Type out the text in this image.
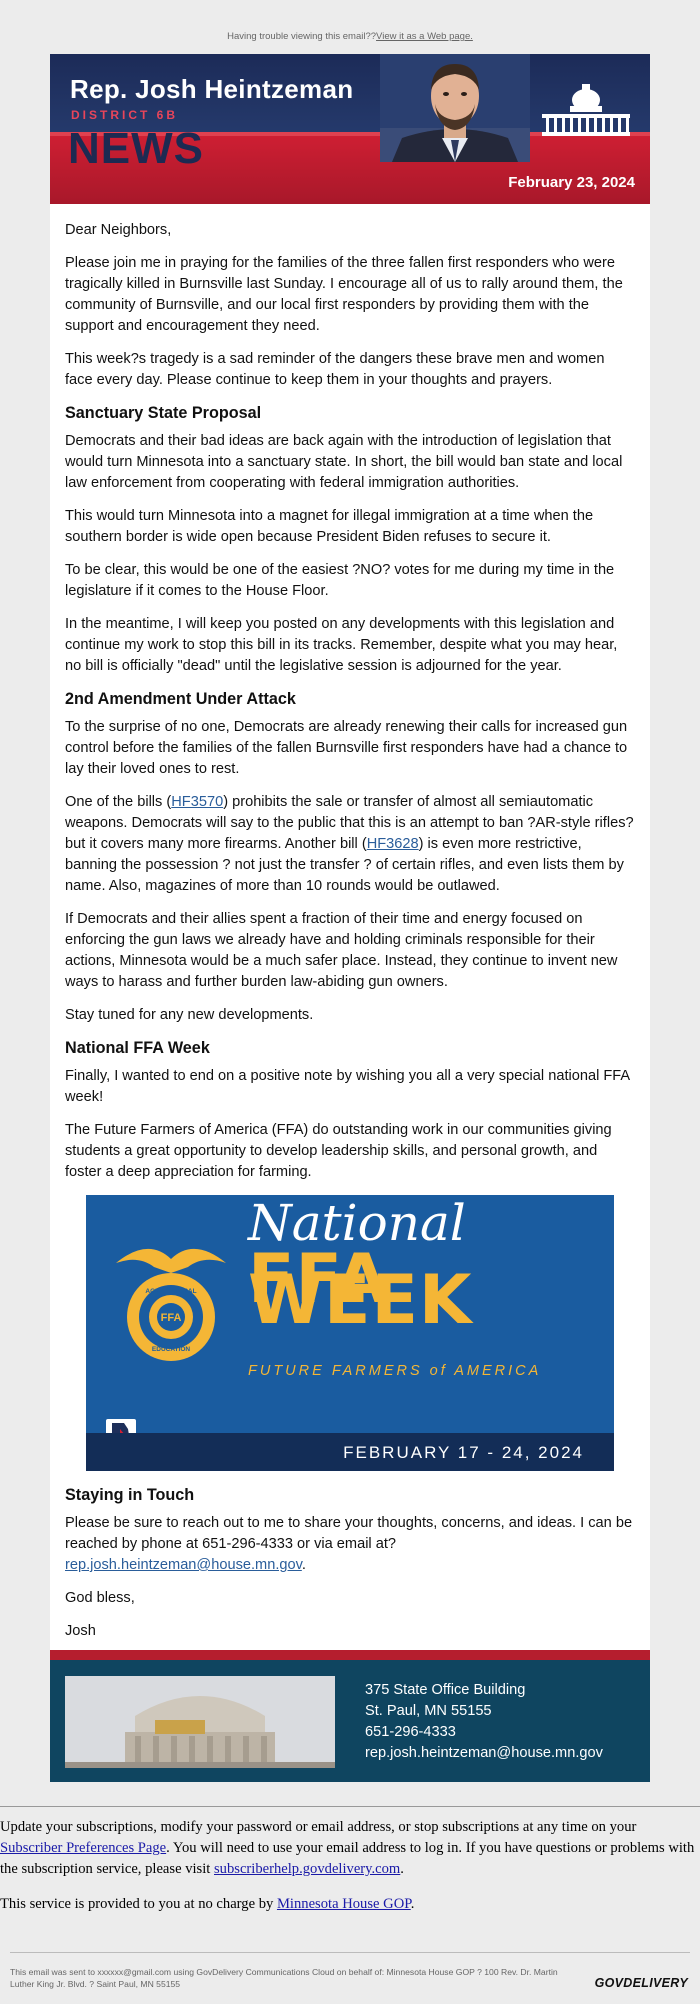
Having trouble viewing this email??View it as a Web page.
Rep. Josh Heintzeman
DISTRICT 6B
NEWS
February 23, 2024

Dear Neighbors,

Please join me in praying for the families of the three fallen first responders who were tragically killed in Burnsville last Sunday. I encourage all of us to rally around them, the community of Burnsville, and our local first responders by providing them with the support and encouragement they need.

This week?s tragedy is a sad reminder of the dangers these brave men and women face every day. Please continue to keep them in your thoughts and prayers.

Sanctuary State Proposal

Democrats and their bad ideas are back again with the introduction of legislation that would turn Minnesota into a sanctuary state. In short, the bill would ban state and local law enforcement from cooperating with federal immigration authorities.

This would turn Minnesota into a magnet for illegal immigration at a time when the southern border is wide open because President Biden refuses to secure it.

To be clear, this would be one of the easiest ?NO? votes for me during my time in the legislature if it comes to the House Floor.

In the meantime, I will keep you posted on any developments with this legislation and continue my work to stop this bill in its tracks. Remember, despite what you may hear, no bill is officially "dead" until the legislative session is adjourned for the year.

2nd Amendment Under Attack

To the surprise of no one, Democrats are already renewing their calls for increased gun control before the families of the fallen Burnsville first responders have had a chance to lay their loved ones to rest.

One of the bills (HF3570) prohibits the sale or transfer of almost all semiautomatic weapons. Democrats will say to the public that this is an attempt to ban ?AR-style rifles? but it covers many more firearms. Another bill (HF3628) is even more restrictive, banning the possession ? not just the transfer ? of certain rifles, and even lists them by name. Also, magazines of more than 10 rounds would be outlawed.

If Democrats and their allies spent a fraction of their time and energy focused on enforcing the gun laws we already have and holding criminals responsible for their actions, Minnesota would be a much safer place. Instead, they continue to invent new ways to harass and further burden law-abiding gun owners.

Stay tuned for any new developments.

National FFA Week

Finally, I wanted to end on a positive note by wishing you all a very special national FFA week!

The Future Farmers of America (FFA) do outstanding work in our communities giving students a great opportunity to develop leadership skills, and personal growth, and foster a deep appreciation for farming.

FFA
AGRICULTURAL
EDUCATION
National
FFA WEEK
FUTURE FARMERS of AMERICA
FEBRUARY 17 - 24, 2024
Staying in Touch

Please be sure to reach out to me to share your thoughts, concerns, and ideas. I can be reached by phone at 651-296-4333 or via email at? rep.josh.heintzeman@house.mn.gov.

God bless,

Josh

375 State Office Building
St. Paul, MN 55155
651-296-4333
rep.josh.heintzeman@house.mn.gov

Update your subscriptions, modify your password or email address, or stop subscriptions at any time on your Subscriber Preferences Page. You will need to use your email address to log in. If you have questions or problems with the subscription service, please visit subscriberhelp.govdelivery.com.

This service is provided to you at no charge by Minnesota House GOP.

This email was sent to xxxxxx@gmail.com using GovDelivery Communications Cloud on behalf of: Minnesota House GOP ? 100 Rev. Dr. Martin Luther King Jr. Blvd. ? Saint Paul, MN 55155	GOVDELIVERY
